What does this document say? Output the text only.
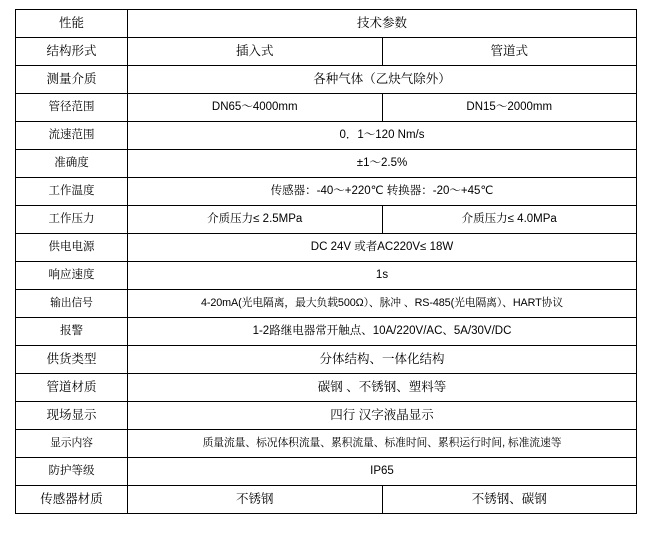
性能	技术参数	
结构形式	插入式	管道式
测量介质	各种气体（乙炔气除外）	
管径范围	DN65～4000mm	DN15～2000mm
流速范围	0．1～120 Nm/s	
准确度	±1～2.5%	
工作温度	传感器：-40～+220℃ 转换器：-20～+45℃	
工作压力	介质压力≤ 2.5MPa	介质压力≤ 4.0MPa
供电电源	DC 24V 或者AC220V≤ 18W	
响应速度	1s	
输出信号	4-20mA(光电隔离，最大负载500Ω）、脉冲 、RS-485(光电隔离）、HART协议	
报警	1-2路继电器常开触点、10A/220V/AC、5A/30V/DC	
供货类型	分体结构、一体化结构	
管道材质	碳钢 、不锈钢、塑料等	
现场显示	四行 汉字液晶显示	
显示内容	质量流量、标况体积流量、累积流量、标准时间、累积运行时间, 标准流速等	
防护等级	IP65	
传感器材质	不锈钢	不锈钢、碳钢
